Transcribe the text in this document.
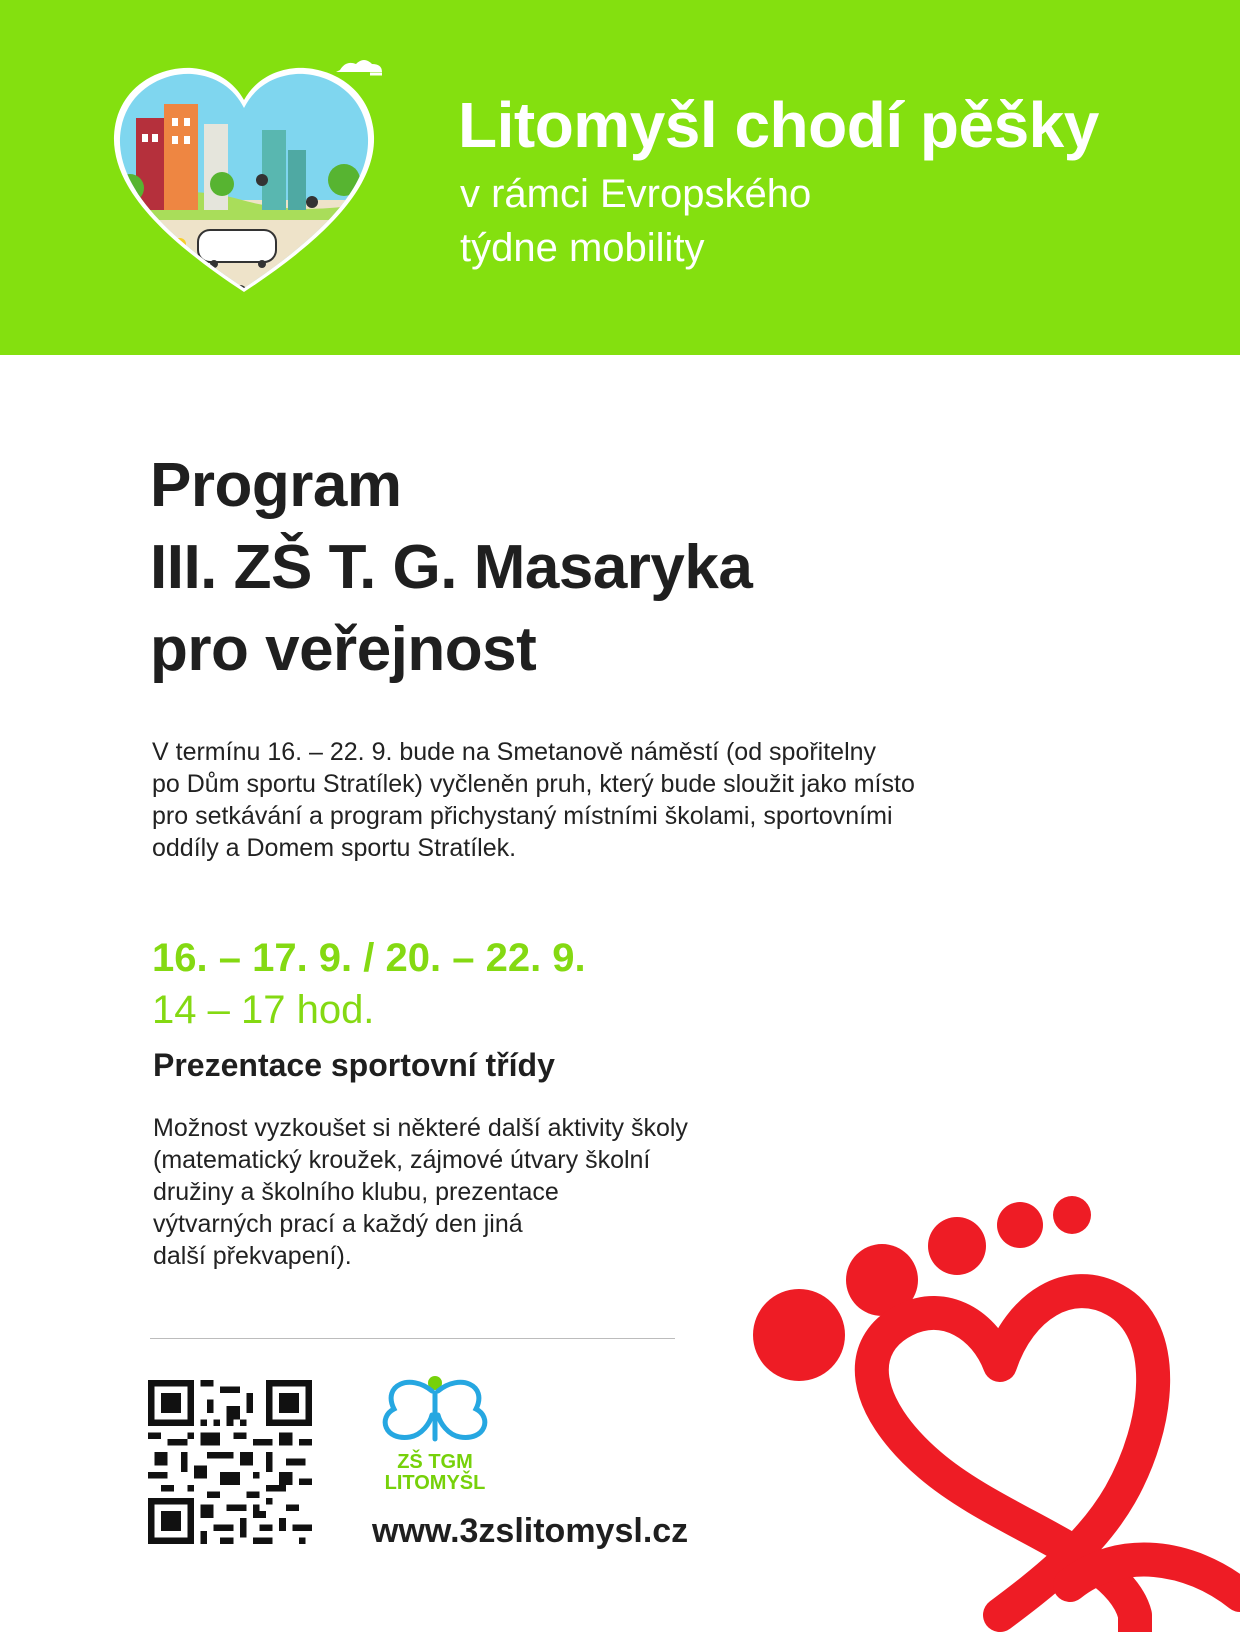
Litomyšl chodí pěšky
v rámci Evropského
týdne mobility
Program
III. ZŠ T. G. Masaryka
pro veřejnost

V termínu 16. – 22. 9. bude na Smetanově náměstí (od spořitelny
po Dům sportu Stratílek) vyčleněn pruh, který bude sloužit jako místo
pro setkávání a program přichystaný místními školami, sportovními
oddíly a Domem sportu Stratílek.

16. – 17. 9. / 20. – 22. 9.
14 – 17 hod.
Prezentace sportovní třídy

Možnost vyzkoušet si některé další aktivity školy
(matematický kroužek, zájmové útvary školní
družiny a školního klubu, prezentace
výtvarných prací a každý den jiná
další překvapení).

ZŠ TGM
LITOMYŠL
www.3zslitomysl.cz
